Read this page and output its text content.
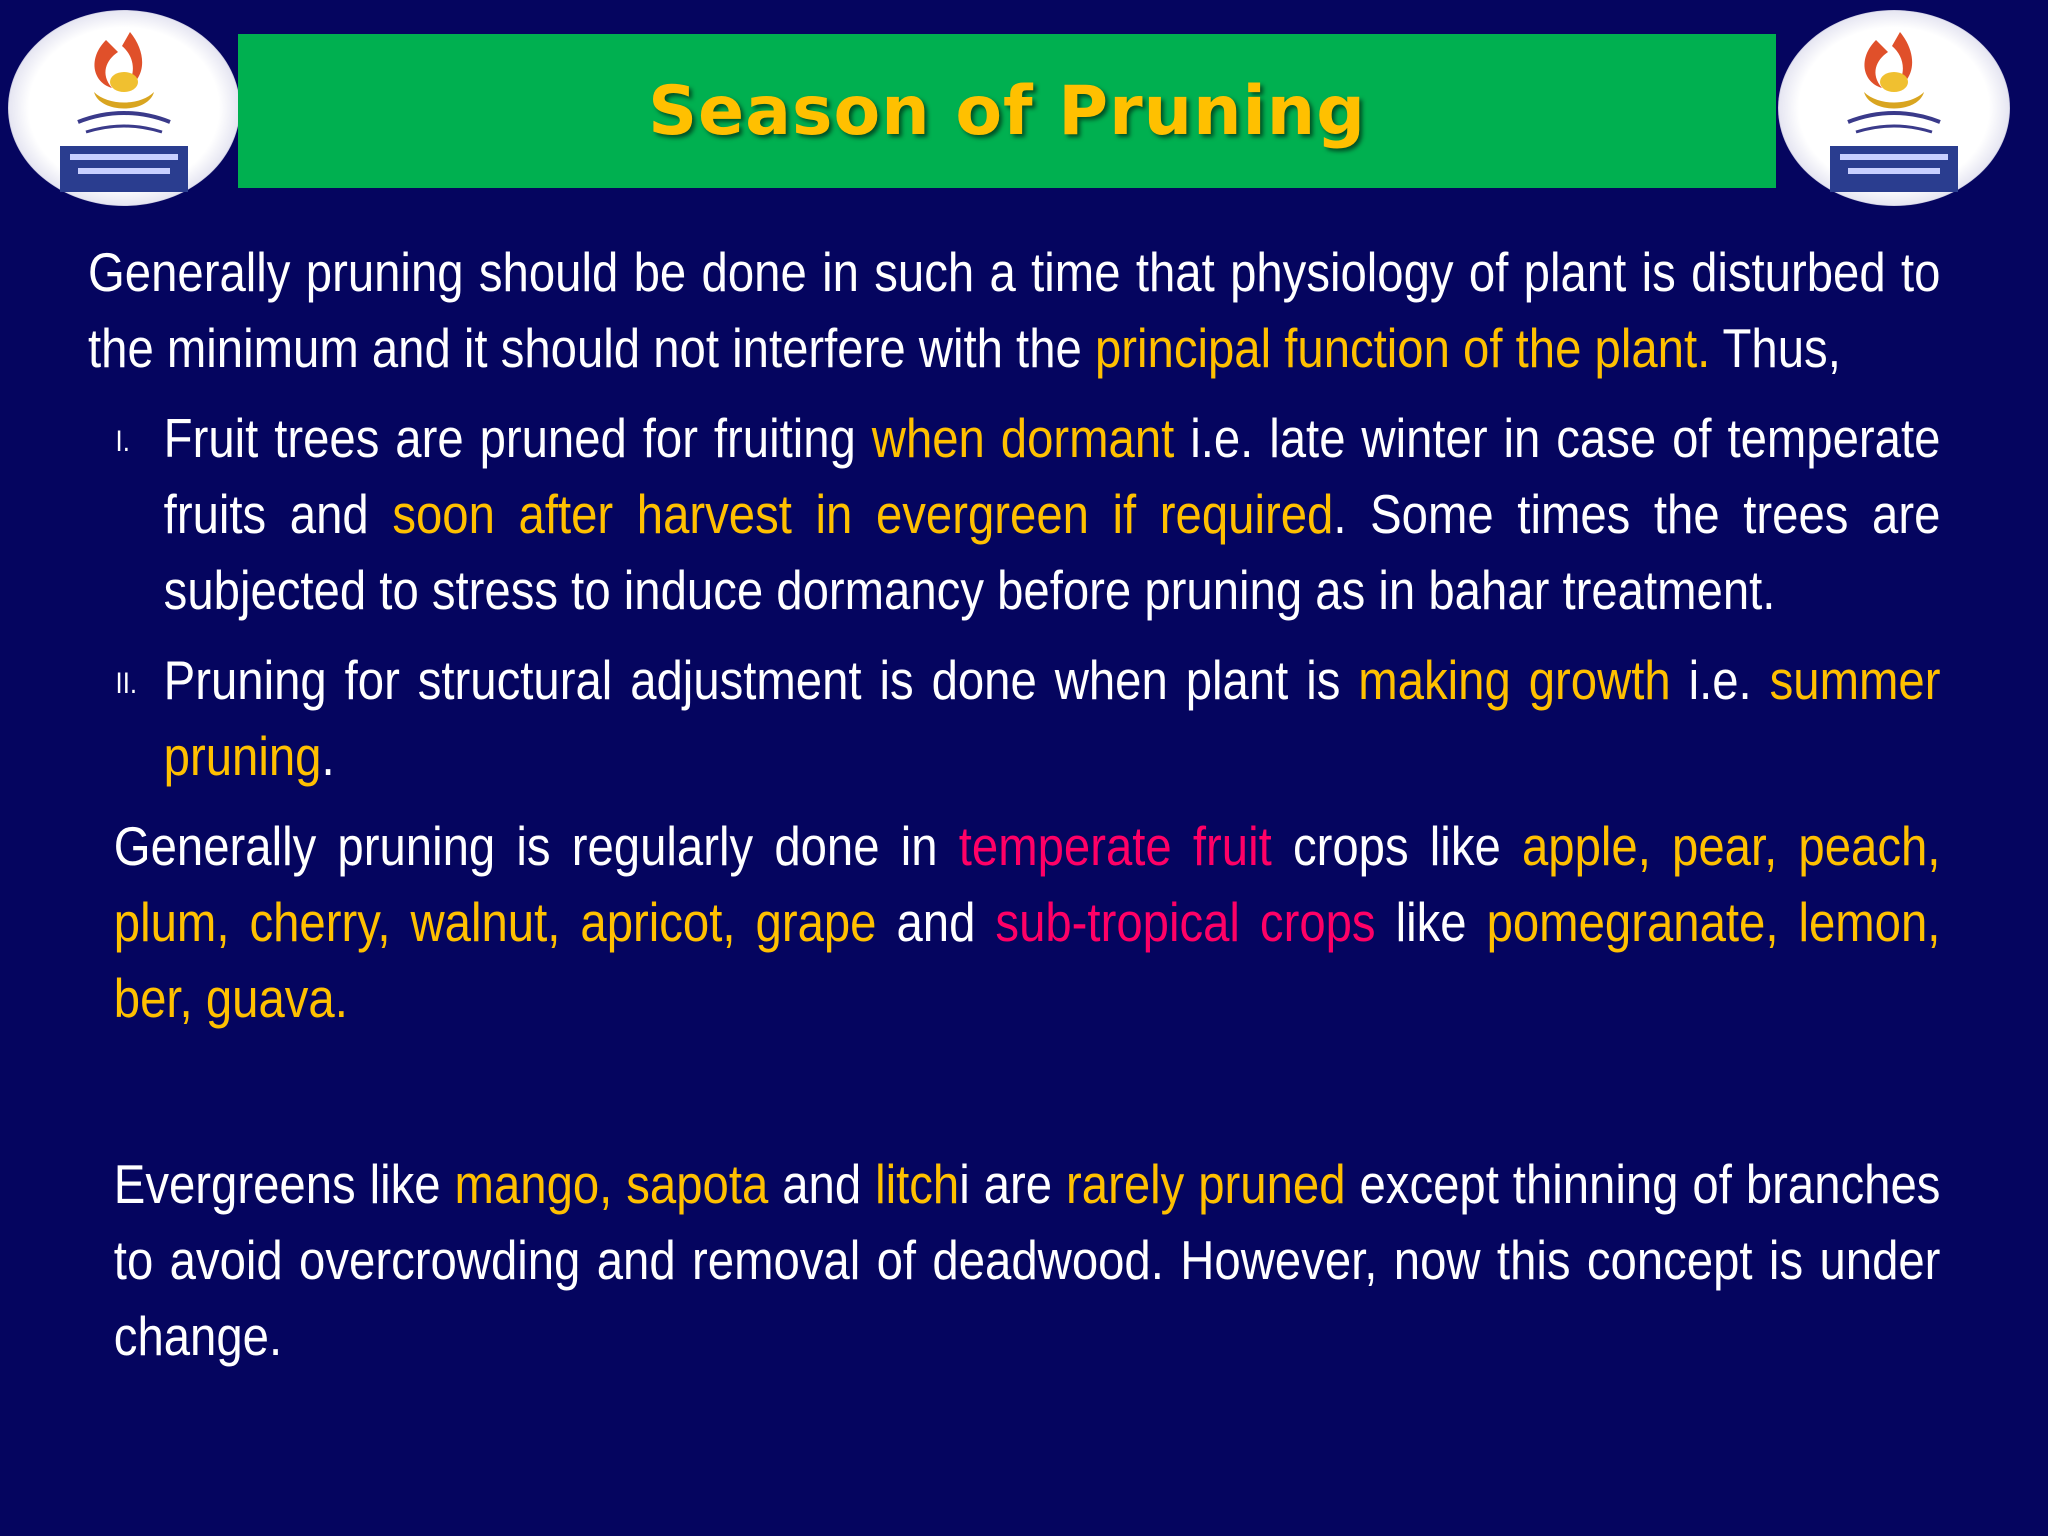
Season of Pruning

Generally pruning should be done in such a time that physiology of plant is disturbed to the minimum and it should not interfere with the principal function of the plant. Thus,

I. Fruit trees are pruned for fruiting when dormant i.e. late winter in case of temperate fruits and soon after harvest in evergreen if required. Some times the trees are subjected to stress to induce dormancy before pruning as in bahar treatment.
II. Pruning for structural adjustment is done when plant is making growth i.e. summer pruning.

Generally pruning is regularly done in temperate fruit crops like apple, pear, peach, plum, cherry, walnut, apricot, grape and sub-tropical crops like pomegranate, lemon, ber, guava.

Evergreens like mango, sapota and litchi are rarely pruned except thinning of branches to avoid overcrowding and removal of deadwood. However, now this concept is under change.
